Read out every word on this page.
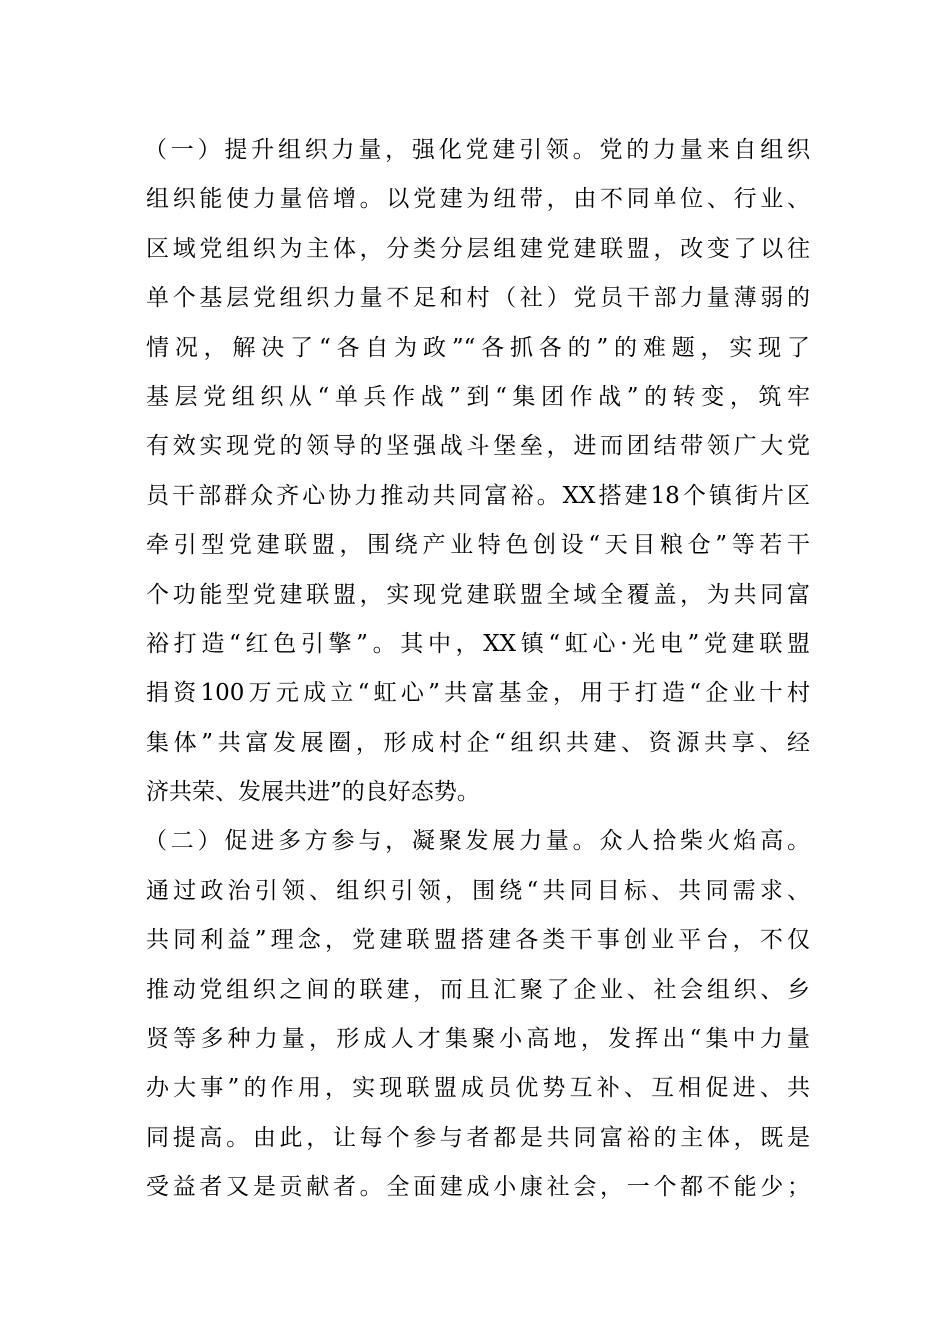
（一）提升组织力量，强化党建引领。党的力量来自组织
组织能使力量倍增。以党建为纽带，由不同单位、行业、
区域党组织为主体，分类分层组建党建联盟，改变了以往
单个基层党组织力量不足和村（社）党员干部力量薄弱的
情况，解决了“各自为政”“各抓各的”的难题，实现了
基层党组织从“单兵作战”到“集团作战”的转变，筑牢
有效实现党的领导的坚强战斗堡垒，进而团结带领广大党
员干部群众齐心协力推动共同富裕。XX搭建18个镇街片区
牵引型党建联盟，围绕产业特色创设“天目粮仓”等若干
个功能型党建联盟，实现党建联盟全域全覆盖，为共同富
裕打造“红色引擎”。其中，XX镇“虹心·光电”党建联盟
捐资100万元成立“虹心”共富基金，用于打造“企业十村
集体”共富发展圈，形成村企“组织共建、资源共享、经
济共荣、发展共进”的良好态势。
（二）促进多方参与，凝聚发展力量。众人拾柴火焰高。
通过政治引领、组织引领，围绕“共同目标、共同需求、
共同利益”理念，党建联盟搭建各类干事创业平台，不仅
推动党组织之间的联建，而且汇聚了企业、社会组织、乡
贤等多种力量，形成人才集聚小高地，发挥出“集中力量
办大事”的作用，实现联盟成员优势互补、互相促进、共
同提高。由此，让每个参与者都是共同富裕的主体，既是
受益者又是贡献者。全面建成小康社会，一个都不能少；
